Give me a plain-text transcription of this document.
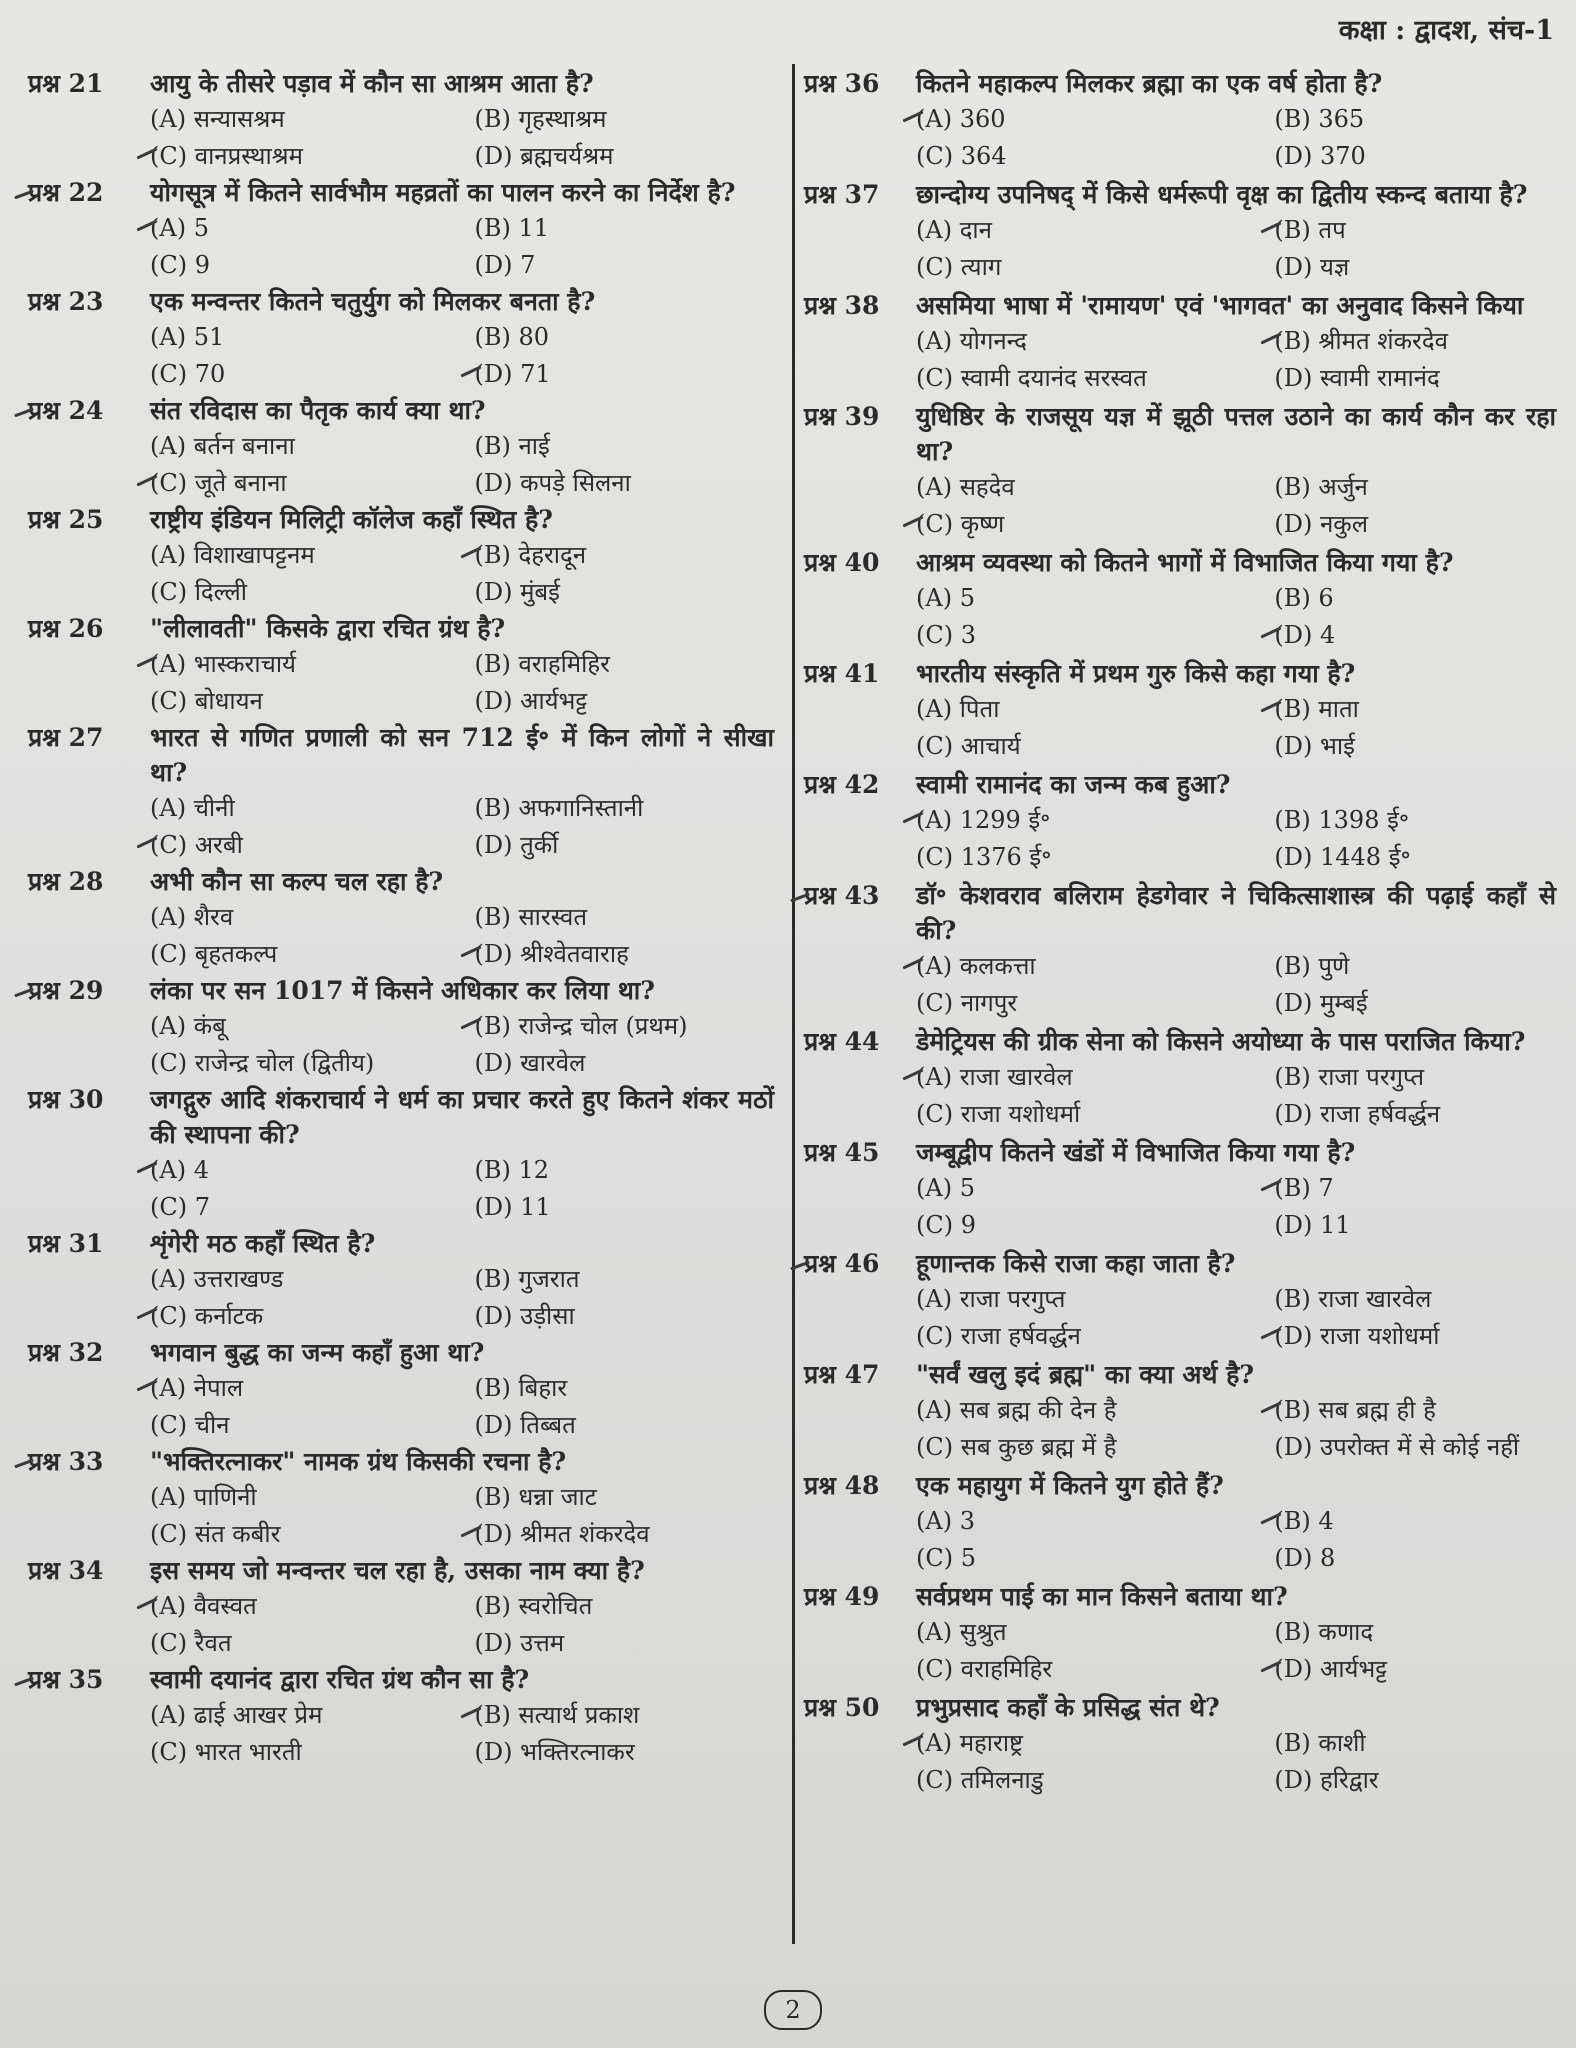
कक्षा : द्वादश, संच-1
प्रश्न 21	आयु के तीसरे पड़ाव में कौन सा आश्रम आता है?
(A) सन्यासश्रम	(B) गृहस्थाश्रम
(C) वानप्रस्थाश्रम	(D) ब्रह्मचर्यश्रम
प्रश्न 22	योगसूत्र में कितने सार्वभौम महव्रतों का पालन करने का निर्देश है?
(A) 5	(B) 11
(C) 9	(D) 7
प्रश्न 23	एक मन्वन्तर कितने चतुर्युग को मिलकर बनता है?
(A) 51	(B) 80
(C) 70	(D) 71
प्रश्न 24	संत रविदास का पैतृक कार्य क्या था?
(A) बर्तन बनाना	(B) नाई
(C) जूते बनाना	(D) कपड़े सिलना
प्रश्न 25	राष्ट्रीय इंडियन मिलिट्री कॉलेज कहाँ स्थित है?
(A) विशाखापट्टनम	(B) देहरादून
(C) दिल्ली	(D) मुंबई
प्रश्न 26	"लीलावती" किसके द्वारा रचित ग्रंथ है?
(A) भास्कराचार्य	(B) वराहमिहिर
(C) बोधायन	(D) आर्यभट्ट
प्रश्न 27	भारत से गणित प्रणाली को सन 712 ई॰ में किन लोगों ने सीखा था?
(A) चीनी	(B) अफगानिस्तानी
(C) अरबी	(D) तुर्की
प्रश्न 28	अभी कौन सा कल्प चल रहा है?
(A) शैरव	(B) सारस्वत
(C) बृहतकल्प	(D) श्रीश्वेतवाराह
प्रश्न 29	लंका पर सन 1017 में किसने अधिकार कर लिया था?
(A) कंबू	(B) राजेन्द्र चोल (प्रथम)
(C) राजेन्द्र चोल (द्वितीय)	(D) खारवेल
प्रश्न 30	जगद्गुरु आदि शंकराचार्य ने धर्म का प्रचार करते हुए कितने शंकर मठों की स्थापना की?
(A) 4	(B) 12
(C) 7	(D) 11
प्रश्न 31	शृंगेरी मठ कहाँ स्थित है?
(A) उत्तराखण्ड	(B) गुजरात
(C) कर्नाटक	(D) उड़ीसा
प्रश्न 32	भगवान बुद्ध का जन्म कहाँ हुआ था?
(A) नेपाल	(B) बिहार
(C) चीन	(D) तिब्बत
प्रश्न 33	"भक्तिरत्नाकर" नामक ग्रंथ किसकी रचना है?
(A) पाणिनी	(B) धन्ना जाट
(C) संत कबीर	(D) श्रीमत शंकरदेव
प्रश्न 34	इस समय जो मन्वन्तर चल रहा है, उसका नाम क्या है?
(A) वैवस्वत	(B) स्वरोचित
(C) रैवत	(D) उत्तम
प्रश्न 35	स्वामी दयानंद द्वारा रचित ग्रंथ कौन सा है?
(A) ढाई आखर प्रेम	(B) सत्यार्थ प्रकाश
(C) भारत भारती	(D) भक्तिरत्नाकर
प्रश्न 36	कितने महाकल्प मिलकर ब्रह्मा का एक वर्ष होता है?
(A) 360	(B) 365
(C) 364	(D) 370
प्रश्न 37	छान्दोग्य उपनिषद् में किसे धर्मरूपी वृक्ष का द्वितीय स्कन्द बताया है?
(A) दान	(B) तप
(C) त्याग	(D) यज्ञ
प्रश्न 38	असमिया भाषा में 'रामायण' एवं 'भागवत' का अनुवाद किसने किया
(A) योगनन्द	(B) श्रीमत शंकरदेव
(C) स्वामी दयानंद सरस्वत	(D) स्वामी रामानंद
प्रश्न 39	युधिष्ठिर के राजसूय यज्ञ में झूठी पत्तल उठाने का कार्य कौन कर रहा था?
(A) सहदेव	(B) अर्जुन
(C) कृष्ण	(D) नकुल
प्रश्न 40	आश्रम व्यवस्था को कितने भागों में विभाजित किया गया है?
(A) 5	(B) 6
(C) 3	(D) 4
प्रश्न 41	भारतीय संस्कृति में प्रथम गुरु किसे कहा गया है?
(A) पिता	(B) माता
(C) आचार्य	(D) भाई
प्रश्न 42	स्वामी रामानंद का जन्म कब हुआ?
(A) 1299 ई॰	(B) 1398 ई॰
(C) 1376 ई॰	(D) 1448 ई॰
प्रश्न 43	डॉ॰ केशवराव बलिराम हेडगेवार ने चिकित्साशास्त्र की पढ़ाई कहाँ से की?
(A) कलकत्ता	(B) पुणे
(C) नागपुर	(D) मुम्बई
प्रश्न 44	डेमेट्रियस की ग्रीक सेना को किसने अयोध्या के पास पराजित किया?
(A) राजा खारवेल	(B) राजा परगुप्त
(C) राजा यशोधर्मा	(D) राजा हर्षवर्द्धन
प्रश्न 45	जम्बूद्वीप कितने खंडों में विभाजित किया गया है?
(A) 5	(B) 7
(C) 9	(D) 11
प्रश्न 46	हूणान्तक किसे राजा कहा जाता है?
(A) राजा परगुप्त	(B) राजा खारवेल
(C) राजा हर्षवर्द्धन	(D) राजा यशोधर्मा
प्रश्न 47	"सर्वं खलु इदं ब्रह्म" का क्या अर्थ है?
(A) सब ब्रह्म की देन है	(B) सब ब्रह्म ही है
(C) सब कुछ ब्रह्म में है	(D) उपरोक्त में से कोई नहीं
प्रश्न 48	एक महायुग में कितने युग होते हैं?
(A) 3	(B) 4
(C) 5	(D) 8
प्रश्न 49	सर्वप्रथम पाई का मान किसने बताया था?
(A) सुश्रुत	(B) कणाद
(C) वराहमिहिर	(D) आर्यभट्ट
प्रश्न 50	प्रभुप्रसाद कहाँ के प्रसिद्ध संत थे?
(A) महाराष्ट्र	(B) काशी
(C) तमिलनाडु	(D) हरिद्वार
2
